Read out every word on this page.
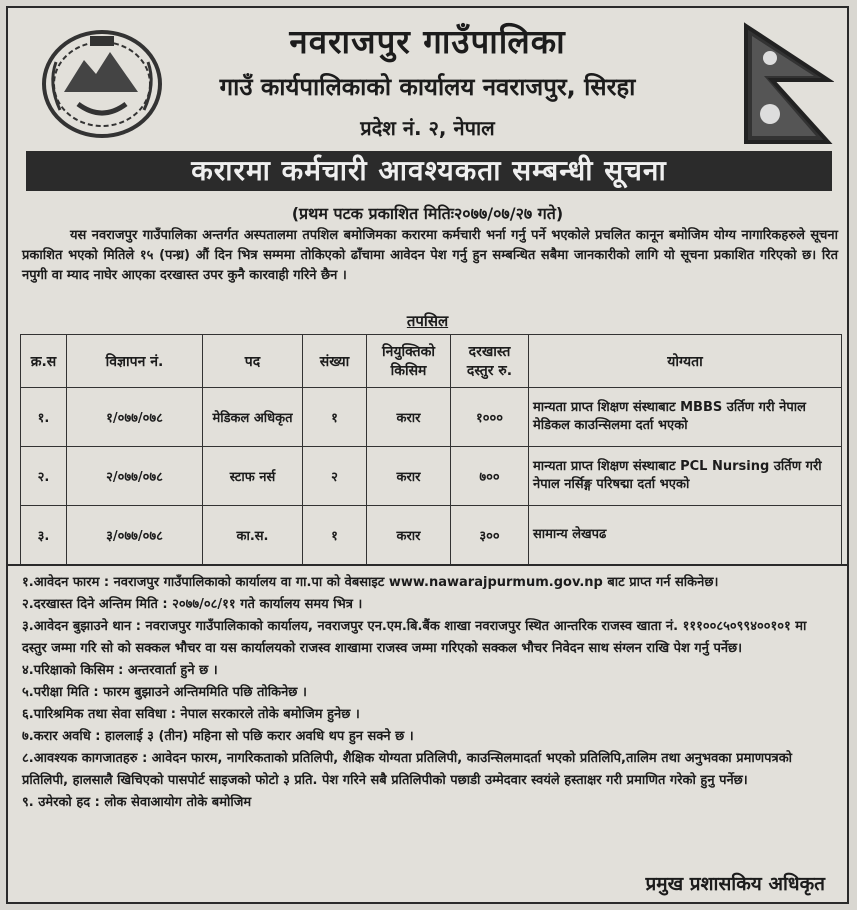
नवराजपुर गाउँपालिका
गाउँ कार्यपालिकाको कार्यालय नवराजपुर, सिरहा
प्रदेश नं. २, नेपाल
करारमा कर्मचारी आवश्यकता सम्बन्धी सूचना
(प्रथम पटक प्रकाशित मितिः२०७७/०७/२७ गते)

यस नवराजपुर गाउँपालिका अन्तर्गत अस्पतालमा तपशिल बमोजिमका करारमा कर्मचारी भर्ना गर्नु पर्ने भएकोले प्रचलित कानून बमोजिम योग्य नागारिकहरुले सूचना प्रकाशित भएको मितिले १५ (पन्ध्र) औं दिन भित्र सम्ममा तोकिएको ढाँचामा आवेदन पेश गर्नु हुन सम्बन्धित सबैमा जानकारीको लागि यो सूचना प्रकाशित गरिएको छ। रित नपुगी वा म्याद नाघेर आएका दरखास्त उपर कुनै कारवाही गरिने छैन ।

तपसिल
क्र.स	विज्ञापन नं.	पद	संख्या	नियुक्तिको किसिम	दरखास्त दस्तुर रु.	योग्यता
१.	१/०७७/०७८	मेडिकल अधिकृत	१	करार	१०००	मान्यता प्राप्त शिक्षण संस्थाबाट MBBS उर्तिण गरी नेपाल मेडिकल काउन्सिलमा दर्ता भएको
२.	२/०७७/०७८	स्टाफ नर्स	२	करार	७००	मान्यता प्राप्त शिक्षण संस्थाबाट PCL Nursing उर्तिण गरी नेपाल नर्सिङ्ग परिषद्मा दर्ता भएको
३.	३/०७७/०७८	का.स.	१	करार	३००	सामान्य लेखपढ

१.आवेदन फारम : नवराजपुर गाउँपालिकाको कार्यालय वा गा.पा को वेबसाइट www.nawarajpurmum.gov.np बाट प्राप्त गर्न सकिनेछ।

२.दरखास्त दिने अन्तिम मिति : २०७७/०८/११ गते कार्यालय समय भित्र ।

३.आवेदन बुझाउने थान : नवराजपुर गाउँपालिकाको कार्यालय, नवराजपुर एन.एम.बि.बैंक शाखा नवराजपुर स्थित आन्तरिक राजस्व खाता नं. १११००८५०९९४००१०१ मा दस्तुर जम्मा गरि सो को सक्कल भौचर वा यस कार्यालयको राजस्व शाखामा राजस्व जम्मा गरिएको सक्कल भौचर निवेदन साथ संग्लन राखि पेश गर्नु पर्नेछ।

४.परिक्षाको किसिम : अन्तरवार्ता हुने छ ।

५.परीक्षा मिति : फारम बुझाउने अन्तिममिति पछि तोकिनेछ ।

६.पारिश्रमिक तथा सेवा सविधा : नेपाल सरकारले तोके बमोजिम हुनेछ ।

७.करार अवधि : हाललाई ३ (तीन) महिना सो पछि करार अवधि थप हुन सक्ने छ ।

८.आवश्यक कागजातहरु : आवेदन फारम, नागरिकताको प्रतिलिपी, शैक्षिक योग्यता प्रतिलिपी, काउन्सिलमादर्ता भएको प्रतिलिपि,तालिम तथा अनुभवका प्रमाणपत्रको प्रतिलिपी, हालसालै खिचिएको पासपोर्ट साइजको फोटो ३ प्रति. पेश गरिने सबै प्रतिलिपीको पछाडी उम्मेदवार स्वयंले हस्ताक्षर गरी प्रमाणित गरेको हुनु पर्नेछ।

९. उमेरको हद : लोक सेवाआयोग तोके बमोजिम

प्रमुख प्रशासकिय अधिकृत
